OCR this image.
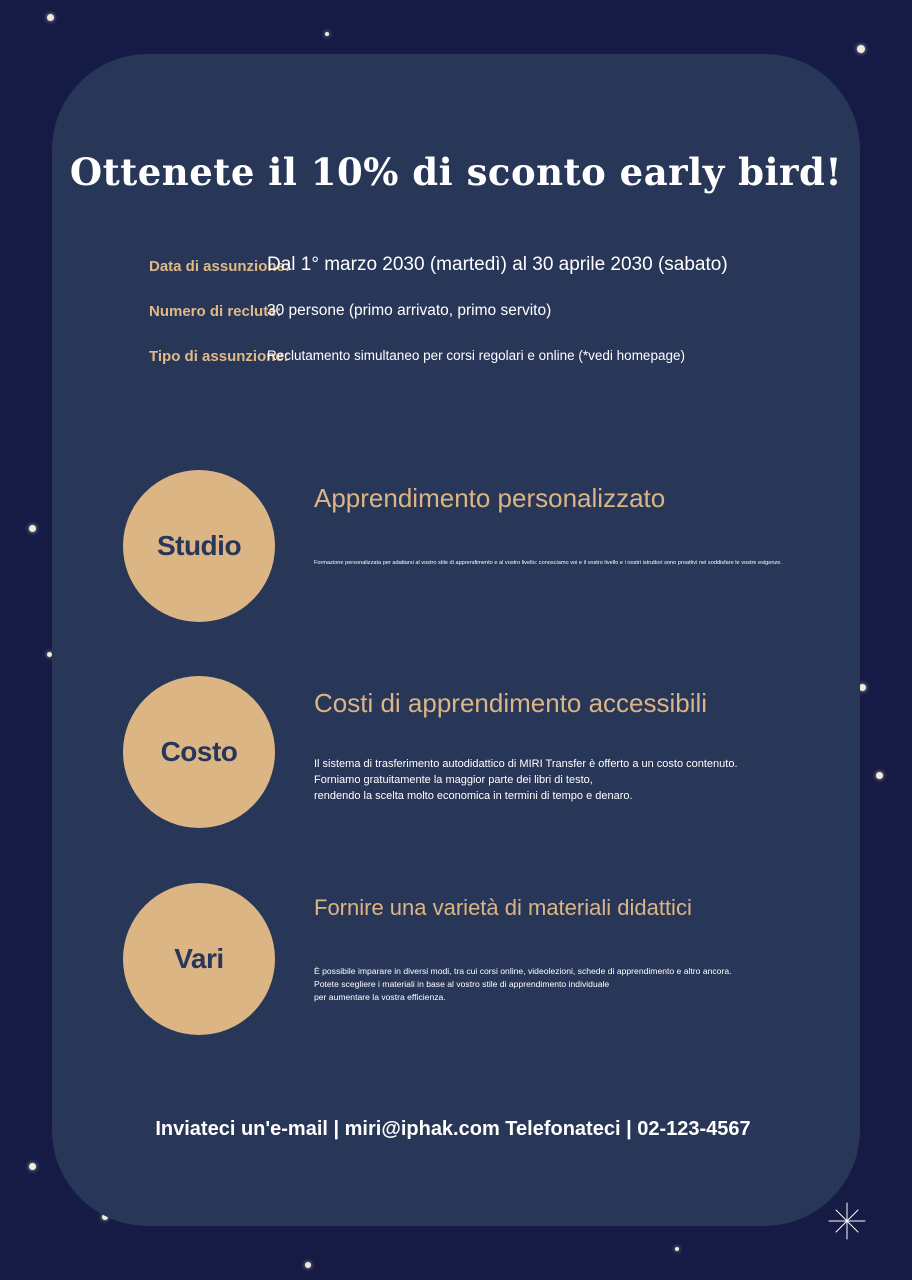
Ottenete il 10% di sconto early bird!
Data di assunzione:
Dal 1° marzo 2030 (martedì) al 30 aprile 2030 (sabato)
Numero di reclute:
30 persone (primo arrivato, primo servito)
Tipo di assunzione:
Reclutamento simultaneo per corsi regolari e online (*vedi homepage)
Studio
Apprendimento personalizzato
Formazione personalizzata per adattarsi al vostro stile di apprendimento e al vostro livello: conosciamo voi e il vostro livello e i nostri istruttori sono proattivi nel soddisfare le vostre esigenze.
Costo
Costi di apprendimento accessibili
Il sistema di trasferimento autodidattico di MIRI Transfer è offerto a un costo contenuto.
Forniamo gratuitamente la maggior parte dei libri di testo,
rendendo la scelta molto economica in termini di tempo e denaro.
Vari
Fornire una varietà di materiali didattici
È possibile imparare in diversi modi, tra cui corsi online, videolezioni, schede di apprendimento e altro ancora.
Potete scegliere i materiali in base al vostro stile di apprendimento individuale
per aumentare la vostra efficienza.
Inviateci un'e-mail | miri@iphak.com Telefonateci | 02-123-4567
